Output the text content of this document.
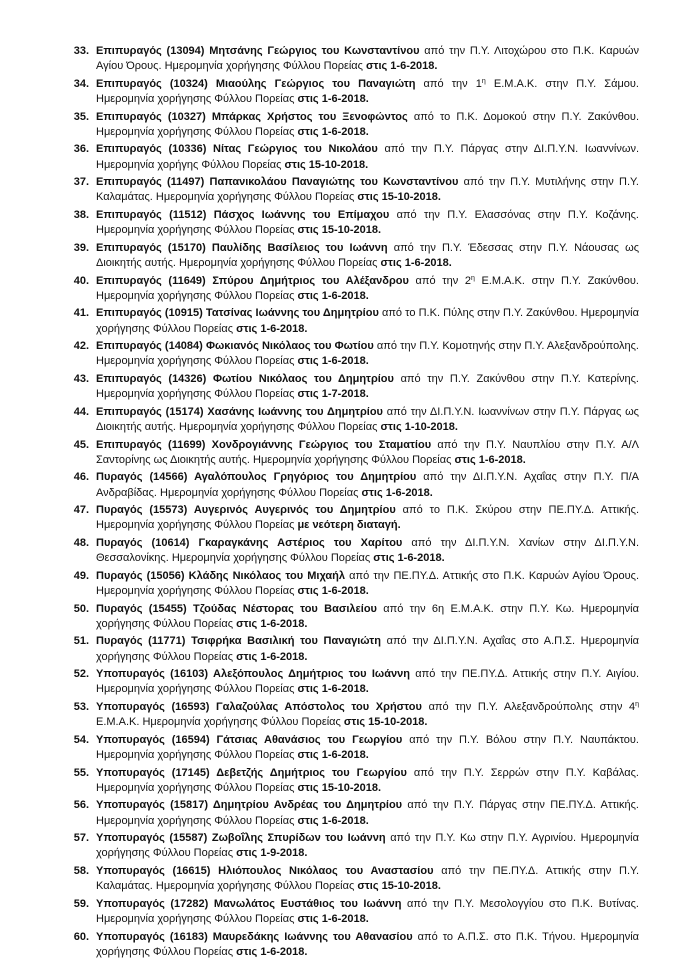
33. Επιπυραγός (13094) Μητσάνης Γεώργιος του Κωνσταντίνου από την Π.Υ. Λιτοχώρου στο Π.Κ. Καρυών Αγίου Όρους. Ημερομηνία χορήγησης Φύλλου Πορείας στις 1-6-2018.
34. Επιπυραγός (10324) Μιαούλης Γεώργιος του Παναγιώτη από την $1^\eta$ Ε.Μ.Α.Κ. στην Π.Υ. Σάμου. Ημερομηνία χορήγησης Φύλλου Πορείας στις 1-6-2018.
35. Επιπυραγός (10327) Μπάρκας Χρήστος του Ξενοφώντος από το Π.Κ. Δομοκού στην Π.Υ. Ζακύνθου. Ημερομηνία χορήγησης Φύλλου Πορείας στις 1-6-2018.
36. Επιπυραγός (10336) Νίτας Γεώργιος του Νικολάου από την Π.Υ. Πάργας στην ΔΙ.Π.Υ.Ν. Ιωαννίνων. Ημερομηνία χορήγης Φύλλου Πορείας στις 15-10-2018.
37. Επιπυραγός (11497) Παπανικολάου Παναγιώτης του Κωνσταντίνου από την Π.Υ. Μυτιλήνης στην Π.Υ. Καλαμάτας. Ημερομηνία χορήγησης Φύλλου Πορείας στις 15-10-2018.
38. Επιπυραγός (11512) Πάσχος Ιωάννης του Επίμαχου από την Π.Υ. Ελασσόνας στην Π.Υ. Κοζάνης. Ημερομηνία χορήγησης Φύλλου Πορείας στις 15-10-2018.
39. Επιπυραγός (15170) Παυλίδης Βασίλειος του Ιωάννη από την Π.Υ. Έδεσσας στην Π.Υ. Νάουσας ως Διοικητής αυτής. Ημερομηνία χορήγησης Φύλλου Πορείας στις 1-6-2018.
40. Επιπυραγός (11649) Σπύρου Δημήτριος του Αλέξανδρου από την $2^\eta$ Ε.Μ.Α.Κ. στην Π.Υ. Ζακύνθου. Ημερομηνία χορήγησης Φύλλου Πορείας στις 1-6-2018.
41. Επιπυραγός (10915) Τατσίνας Ιωάννης του Δημητρίου από το Π.Κ. Πύλης στην Π.Υ. Ζακύνθου. Ημερομηνία χορήγησης Φύλλου Πορείας στις 1-6-2018.
42. Επιπυραγός (14084) Φωκιανός Νικόλαος του Φωτίου από την Π.Υ. Κομοτηνής στην Π.Υ. Αλεξανδρούπολης. Ημερομηνία χορήγησης Φύλλου Πορείας στις 1-6-2018.
43. Επιπυραγός (14326) Φωτίου Νικόλαος του Δημητρίου από την Π.Υ. Ζακύνθου στην Π.Υ. Κατερίνης. Ημερομηνία χορήγησης Φύλλου Πορείας στις 1-7-2018.
44. Επιπυραγός (15174) Χασάνης Ιωάννης του Δημητρίου από την ΔΙ.Π.Υ.Ν. Ιωαννίνων στην Π.Υ. Πάργας ως Διοικητής αυτής. Ημερομηνία χορήγησης Φύλλου Πορείας στις 1-10-2018.
45. Επιπυραγός (11699) Χονδρογιάννης Γεώργιος του Σταματίου από την Π.Υ. Ναυπλίου στην Π.Υ. Α/Λ Σαντορίνης ως Διοικητής αυτής. Ημερομηνία χορήγησης Φύλλου Πορείας στις 1-6-2018.
46. Πυραγός (14566) Αγαλόπουλος Γρηγόριος του Δημητρίου από την ΔΙ.Π.Υ.Ν. Αχαΐας στην Π.Υ. Π/Α Ανδραβίδας. Ημερομηνία χορήγησης Φύλλου Πορείας στις 1-6-2018.
47. Πυραγός (15573) Αυγερινός Αυγερινός του Δημητρίου από το Π.Κ. Σκύρου στην ΠΕ.ΠΥ.Δ. Αττικής. Ημερομηνία χορήγησης Φύλλου Πορείας με νεότερη διαταγή.
48. Πυραγός (10614) Γκαραγκάνης Αστέριος του Χαρίτου από την ΔΙ.Π.Υ.Ν. Χανίων στην ΔΙ.Π.Υ.Ν. Θεσσαλονίκης. Ημερομηνία χορήγησης Φύλλου Πορείας στις 1-6-2018.
49. Πυραγός (15056) Κλάδης Νικόλαος του Μιχαήλ από την ΠΕ.ΠΥ.Δ. Αττικής στο Π.Κ. Καρυών Αγίου Όρους. Ημερομηνία χορήγησης Φύλλου Πορείας στις 1-6-2018.
50. Πυραγός (15455) Τζούδας Νέστορας του Βασιλείου από την 6η Ε.Μ.Α.Κ. στην Π.Υ. Κω. Ημερομηνία χορήγησης Φύλλου Πορείας στις 1-6-2018.
51. Πυραγός (11771) Τσιφρήκα Βασιλική του Παναγιώτη από την ΔΙ.Π.Υ.Ν. Αχαΐας στο Α.Π.Σ. Ημερομηνία χορήγησης Φύλλου Πορείας στις 1-6-2018.
52. Υποπυραγός (16103) Αλεξόπουλος Δημήτριος του Ιωάννη από την ΠΕ.ΠΥ.Δ. Αττικής στην Π.Υ. Αιγίου. Ημερομηνία χορήγησης Φύλλου Πορείας στις 1-6-2018.
53. Υποπυραγός (16593) Γαλαζούλας Απόστολος του Χρήστου από την Π.Υ. Αλεξανδρούπολης στην $4^\eta$ Ε.Μ.Α.Κ. Ημερομηνία χορήγησης Φύλλου Πορείας στις 15-10-2018.
54. Υποπυραγός (16594) Γάτσιας Αθανάσιος του Γεωργίου από την Π.Υ. Βόλου στην Π.Υ. Ναυπάκτου. Ημερομηνία χορήγησης Φύλλου Πορείας στις 1-6-2018.
55. Υποπυραγός (17145) Δεβετζής Δημήτριος του Γεωργίου από την Π.Υ. Σερρών στην Π.Υ. Καβάλας. Ημερομηνία χορήγησης Φύλλου Πορείας στις 15-10-2018.
56. Υποπυραγός (15817) Δημητρίου Ανδρέας του Δημητρίου από την Π.Υ. Πάργας στην ΠΕ.ΠΥ.Δ. Αττικής. Ημερομηνία χορήγησης Φύλλου Πορείας στις 1-6-2018.
57. Υποπυραγός (15587) Ζωβοΐλης Σπυρίδων του Ιωάννη από την Π.Υ. Κω στην Π.Υ. Αγρινίου. Ημερομηνία χορήγησης Φύλλου Πορείας στις 1-9-2018.
58. Υποπυραγός (16615) Ηλιόπουλος Νικόλαος του Αναστασίου από την ΠΕ.ΠΥ.Δ. Αττικής στην Π.Υ. Καλαμάτας. Ημερομηνία χορήγησης Φύλλου Πορείας στις 15-10-2018.
59. Υποπυραγός (17282) Μανωλάτος Ευστάθιος του Ιωάννη από την Π.Υ. Μεσολογγίου στο Π.Κ. Βυτίνας. Ημερομηνία χορήγησης Φύλλου Πορείας στις 1-6-2018.
60. Υποπυραγός (16183) Μαυρεδάκης Ιωάννης του Αθανασίου από το Α.Π.Σ. στο Π.Κ. Τήνου. Ημερομηνία χορήγησης Φύλλου Πορείας στις 1-6-2018.
